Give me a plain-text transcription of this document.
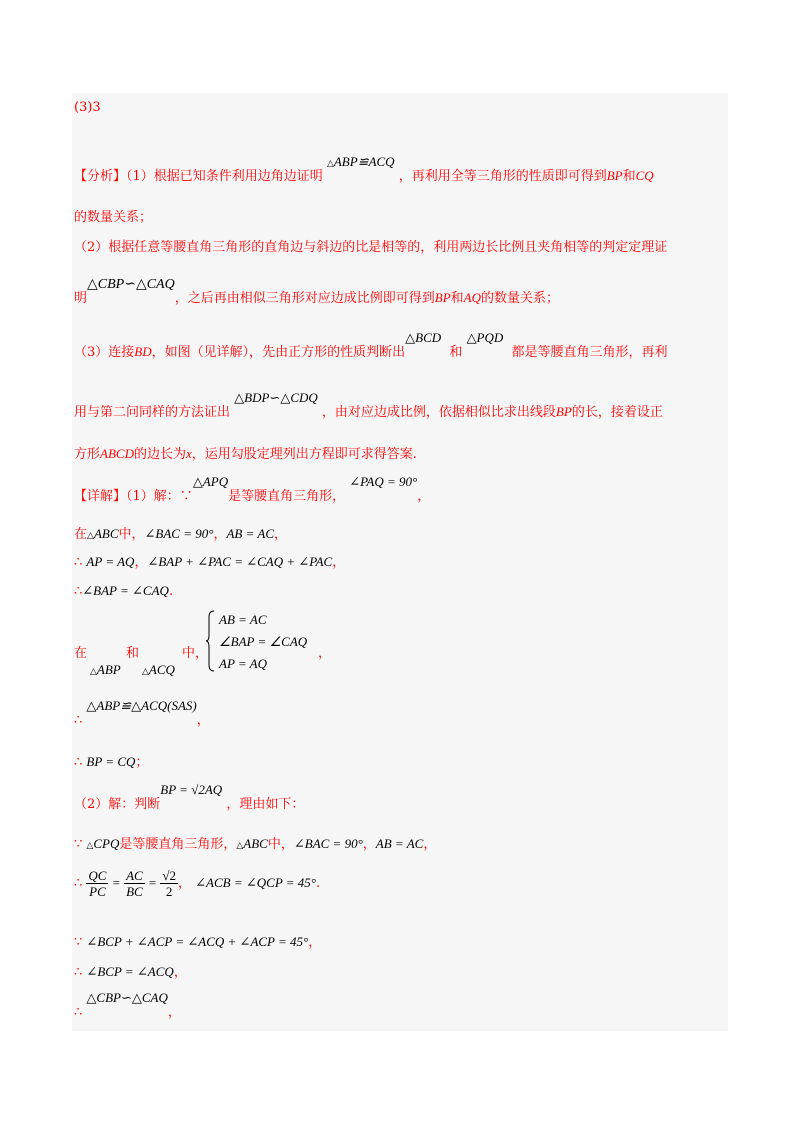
(3)3
【分析】（1）根据已知条件利用边角边证明 △ABP≌ACQ ，再利用全等三角形的性质即可得到BP和CQ
的数量关系；
（2）根据任意等腰直角三角形的直角边与斜边的比是相等的，利用两边长比例且夹角相等的判定定理证
明△CBP∽△CAQ，之后再由相似三角形对应边成比例即可得到BP和AQ的数量关系；
（3）连接BD，如图（见详解），先由正方形的性质判断出△BCD  和 △PQD  都是等腰直角三角形，再利
用与第二问同样的方法证出 △BDP∽△CDQ ，由对应边成比例，依据相似比求出线段BP的长，接着设正
方形ABCD的边长为x，运用勾股定理列出方程即可求得答案.
【详解】（1）解：∵△APQ是等腰直角三角形， ∠PAQ = 90°，
在△ABC中，∠BAC = 90°，AB = AC，
∴ AP = AQ，∠BAP + ∠PAC = ∠CAQ + ∠PAC，
∴∠BAP = ∠CAQ.
在
△ABP
和
△ACQ
中，
AB = AC
∠BAP = ∠CAQ
AP = AQ
，
∴ △ABP≌△ACQ(SAS)，
∴ BP = CQ；
（2）解：判断BP = √2AQ ，理由如下：
∵ △CPQ是等腰直角三角形，△ABC中，∠BAC = 90°，AB = AC，
∴ $\frac{QC}{PC} = \frac{AC}{BC} = \frac{√2}{2}$ ， ∠ACB = ∠QCP = 45°.
∵ ∠BCP + ∠ACP = ∠ACQ + ∠ACP = 45°，
∴ ∠BCP = ∠ACQ，
∴ △CBP∽△CAQ，
